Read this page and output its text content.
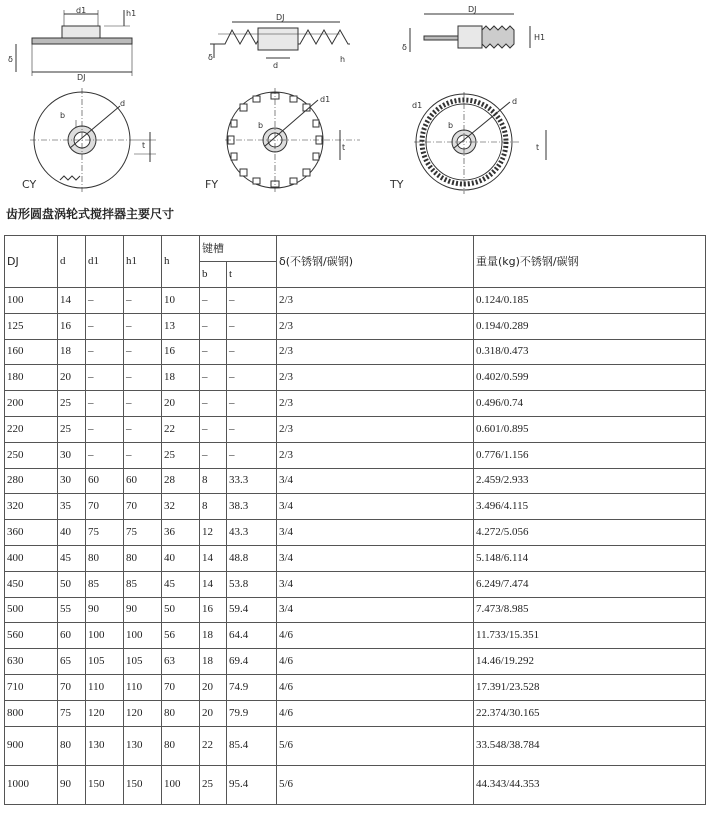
d1	h1
δ
DJ
DJ
d
δ	h
DJ
H1
δ
b
d
t
CY
b
d1
t
FY
d1
b
d
t
TY
齿形圆盘涡轮式搅拌器主要尺寸
DJ	d	d1	h1	h	键槽		δ(不锈钢/碳钢)	重量(kg)不锈钢/碳钢
					b	t		
100	14	–	–	10	–	–	2/3	0.124/0.185
125	16	–	–	13	–	–	2/3	0.194/0.289
160	18	–	–	16	–	–	2/3	0.318/0.473
180	20	–	–	18	–	–	2/3	0.402/0.599
200	25	–	–	20	–	–	2/3	0.496/0.74
220	25	–	–	22	–	–	2/3	0.601/0.895
250	30	–	–	25	–	–	2/3	0.776/1.156
280	30	60	60	28	8	33.3	3/4	2.459/2.933
320	35	70	70	32	8	38.3	3/4	3.496/4.115
360	40	75	75	36	12	43.3	3/4	4.272/5.056
400	45	80	80	40	14	48.8	3/4	5.148/6.114
450	50	85	85	45	14	53.8	3/4	6.249/7.474
500	55	90	90	50	16	59.4	3/4	7.473/8.985
560	60	100	100	56	18	64.4	4/6	11.733/15.351
630	65	105	105	63	18	69.4	4/6	14.46/19.292
710	70	110	110	70	20	74.9	4/6	17.391/23.528
800	75	120	120	80	20	79.9	4/6	22.374/30.165
900	80	130	130	80	22	85.4	5/6	33.548/38.784
1000	90	150	150	100	25	95.4	5/6	44.343/44.353
